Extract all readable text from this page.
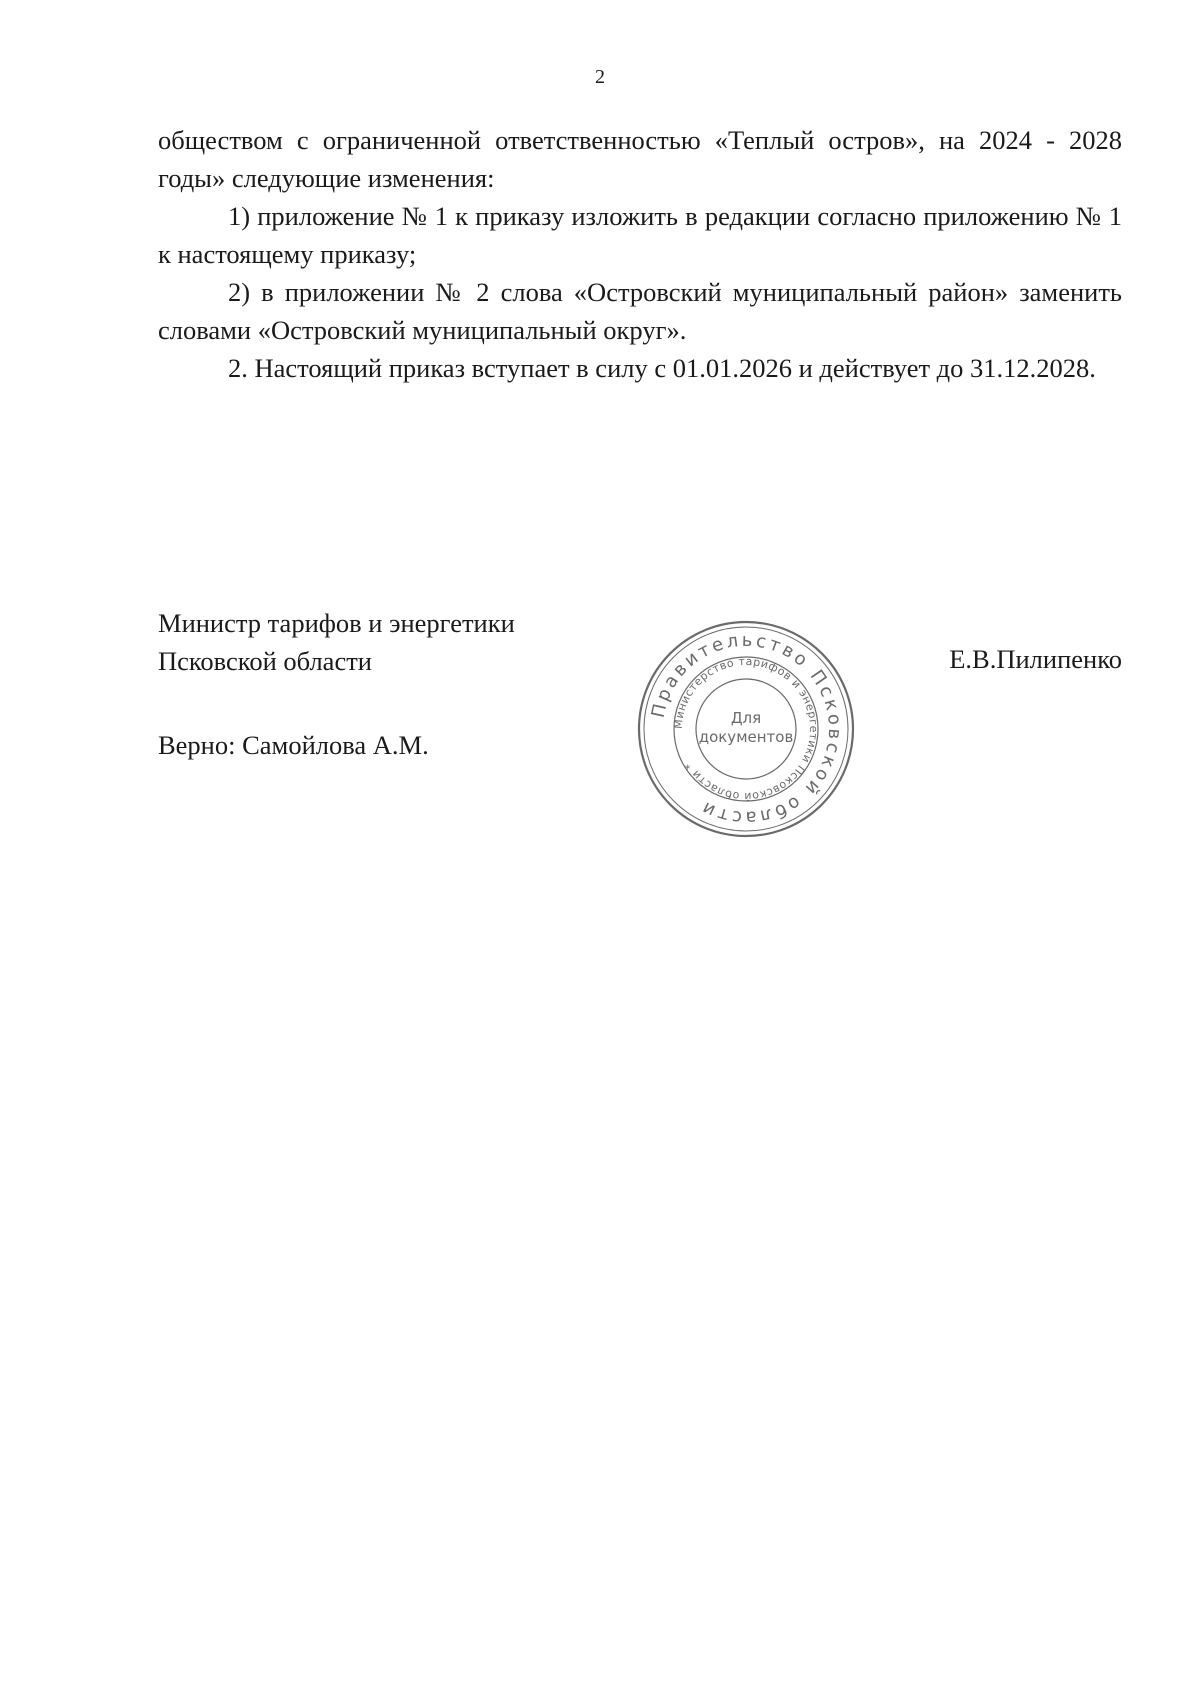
2

обществом с ограниченной ответственностью «Теплый остров», на 2024 - 2028 годы» следующие изменения:

1) приложение № 1 к приказу изложить в редакции согласно приложению № 1 к настоящему приказу;

2) в приложении № 2 слова «Островский муниципальный район» заменить словами «Островский муниципальный округ».

2. Настоящий приказ вступает в силу с 01.01.2026 и действует до 31.12.2028.

Министр тарифов и энергетики
Псковской области	Е.В.Пилипенко
Верно: Самойлова А.М.
Правительство Псковской области
Министерство тарифов и энергетики Псковской области *
Для
документов
